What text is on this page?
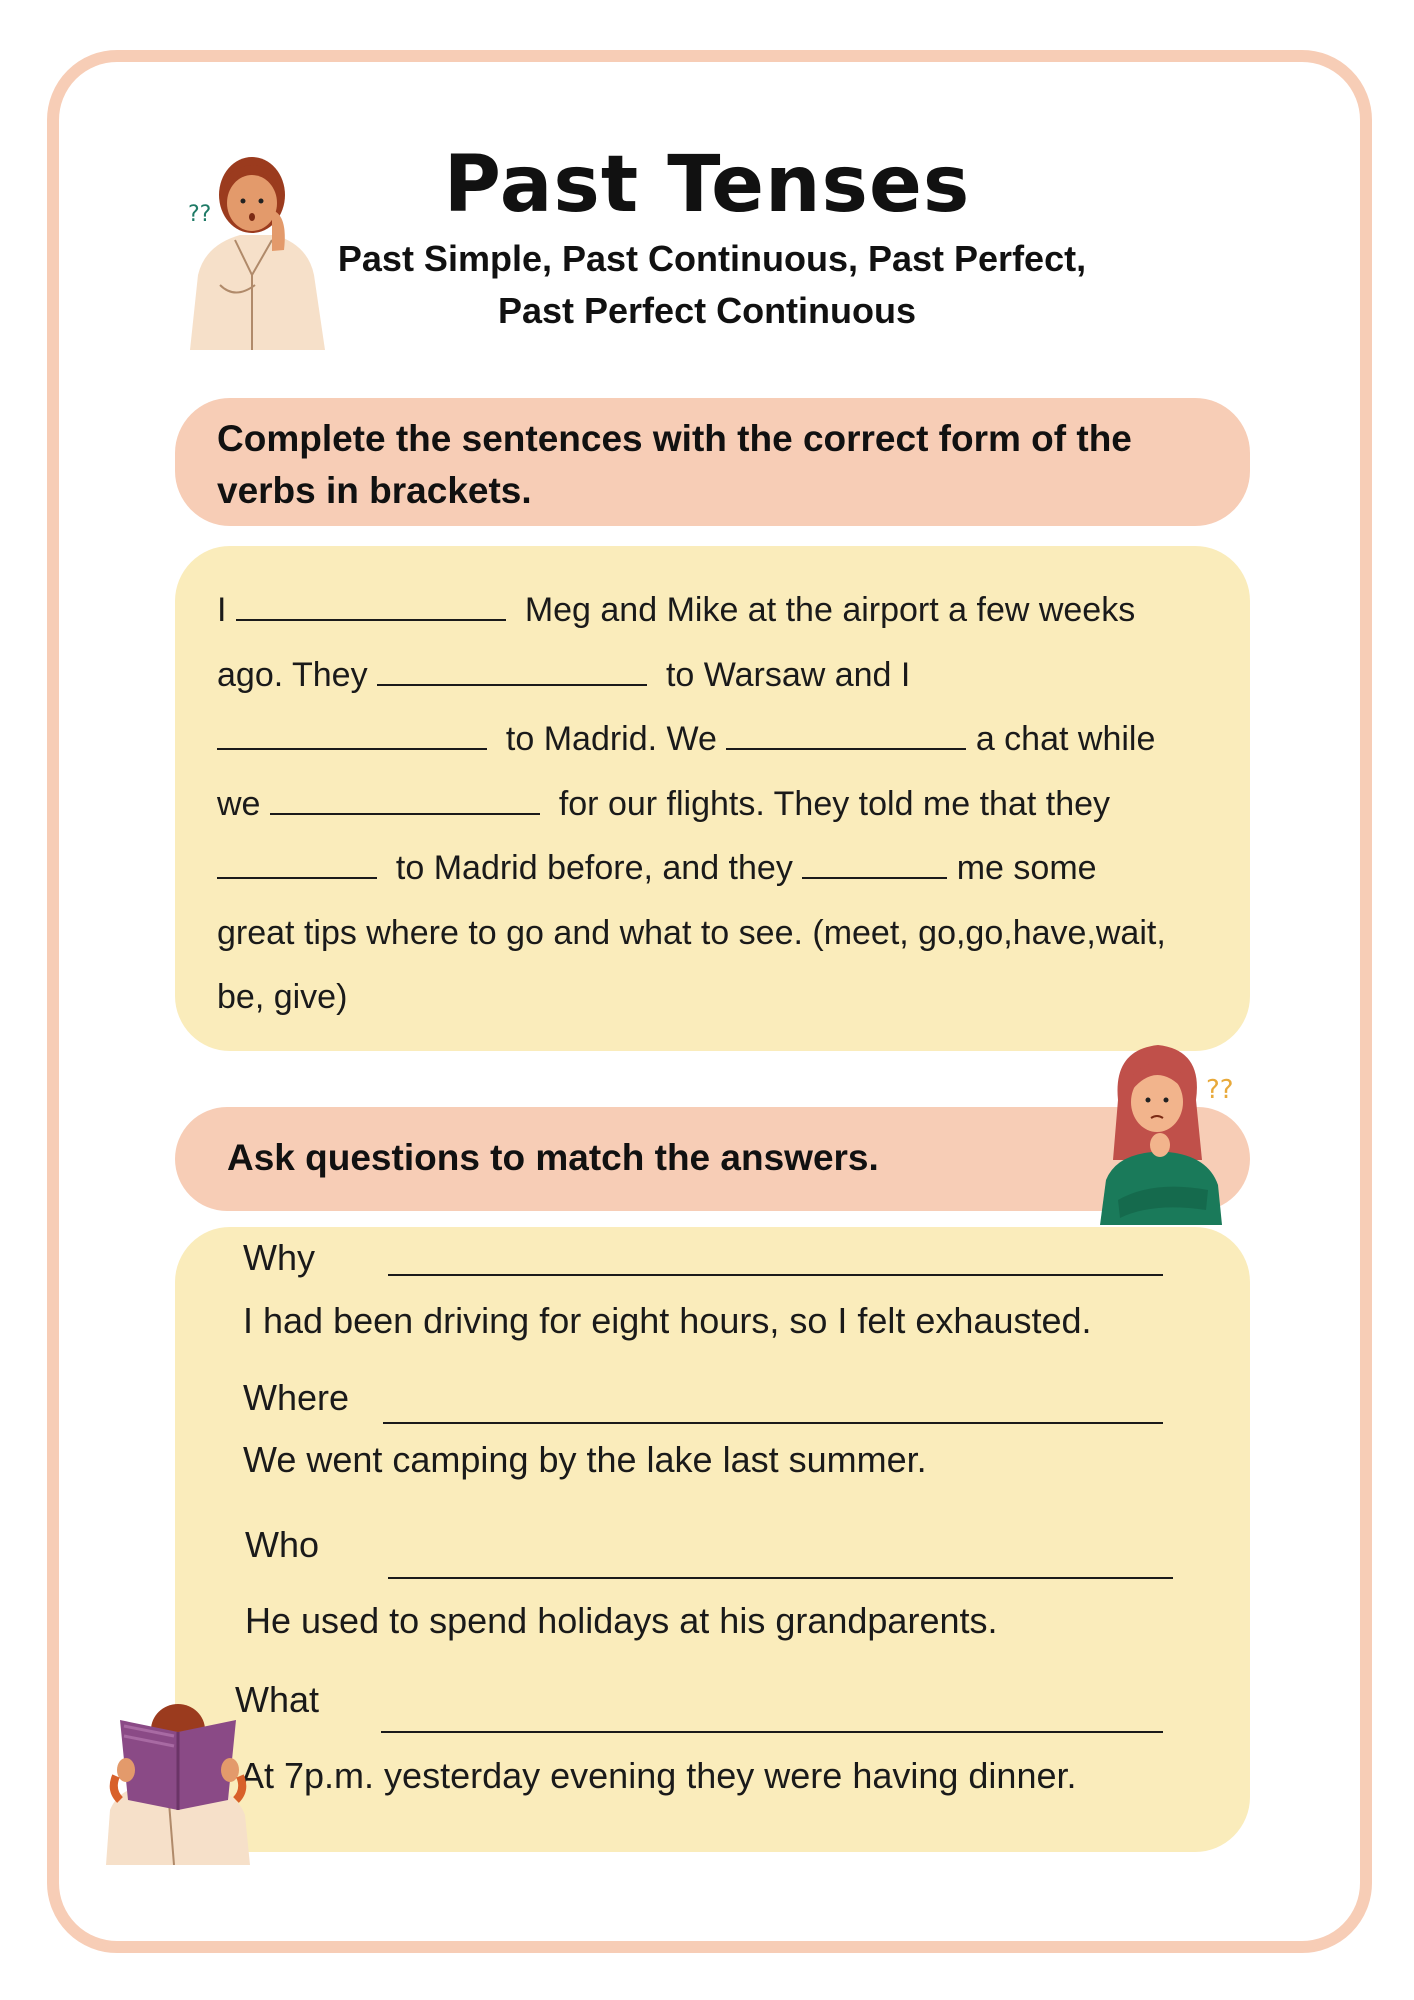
??	Past Tenses
Past Simple, Past Continuous, Past Perfect,
Past Perfect Continuous
Complete the sentences with the correct form of the
verbs in brackets.
I	Meg and Mike at the airport a few weeks
ago. They	to Warsaw and I
to Madrid. We	a chat while
we	for our flights. They told me that they
to Madrid before, and they	me some
great tips where to go and what to see. (meet, go,go,have,wait,
be, give)
Ask questions to match the answers.
??
Why
I had been driving for eight hours, so I felt exhausted.
Where
We went camping by the lake last summer.
Who
He used to spend holidays at his grandparents.
What
At 7p.m. yesterday evening they were having dinner.
